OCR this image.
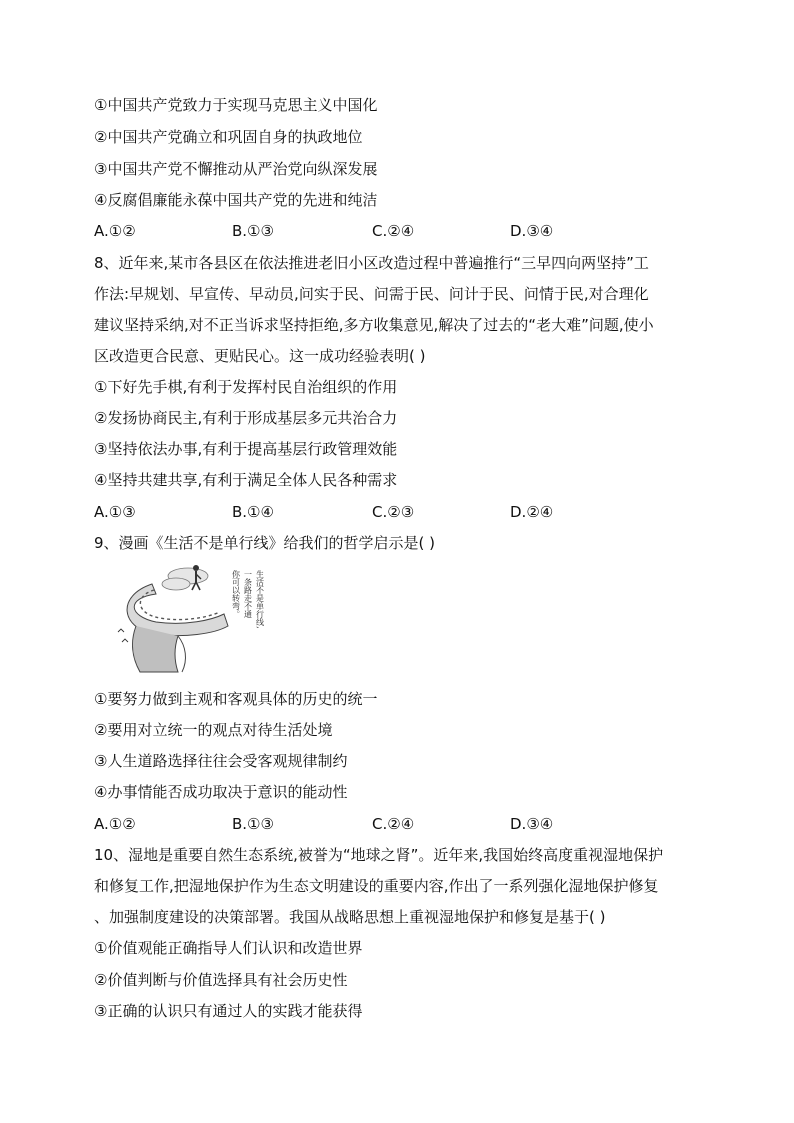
①中国共产党致力于实现马克思主义中国化
②中国共产党确立和巩固自身的执政地位
③中国共产党不懈推动从严治党向纵深发展
④反腐倡廉能永葆中国共产党的先进和纯洁
A.①②	B.①③	C.②④	D.③④
8、近年来,某市各县区在依法推进老旧小区改造过程中普遍推行“三早四向两坚持”工
作法:早规划、早宣传、早动员,问实于民、问需于民、问计于民、问情于民,对合理化
建议坚持采纳,对不正当诉求坚持拒绝,多方收集意见,解决了过去的“老大难”问题,使小
区改造更合民意、更贴民心。这一成功经验表明( )
①下好先手棋,有利于发挥村民自治组织的作用
②发扬协商民主,有利于形成基层多元共治合力
③坚持依法办事,有利于提高基层行政管理效能
④坚持共建共享,有利于满足全体人民各种需求
A.①③	B.①④	C.②③	D.②④
9、漫画《生活不是单行线》给我们的哲学启示是( )
生活不是单行线,
一条路走不通
你可以转弯。
①要努力做到主观和客观具体的历史的统一
②要用对立统一的观点对待生活处境
③人生道路选择往往会受客观规律制约
④办事情能否成功取决于意识的能动性
A.①②	B.①③	C.②④	D.③④
10、湿地是重要自然生态系统,被誉为“地球之肾”。近年来,我国始终高度重视湿地保护
和修复工作,把湿地保护作为生态文明建设的重要内容,作出了一系列强化湿地保护修复
、加强制度建设的决策部署。我国从战略思想上重视湿地保护和修复是基于( )
①价值观能正确指导人们认识和改造世界
②价值判断与价值选择具有社会历史性
③正确的认识只有通过人的实践才能获得
